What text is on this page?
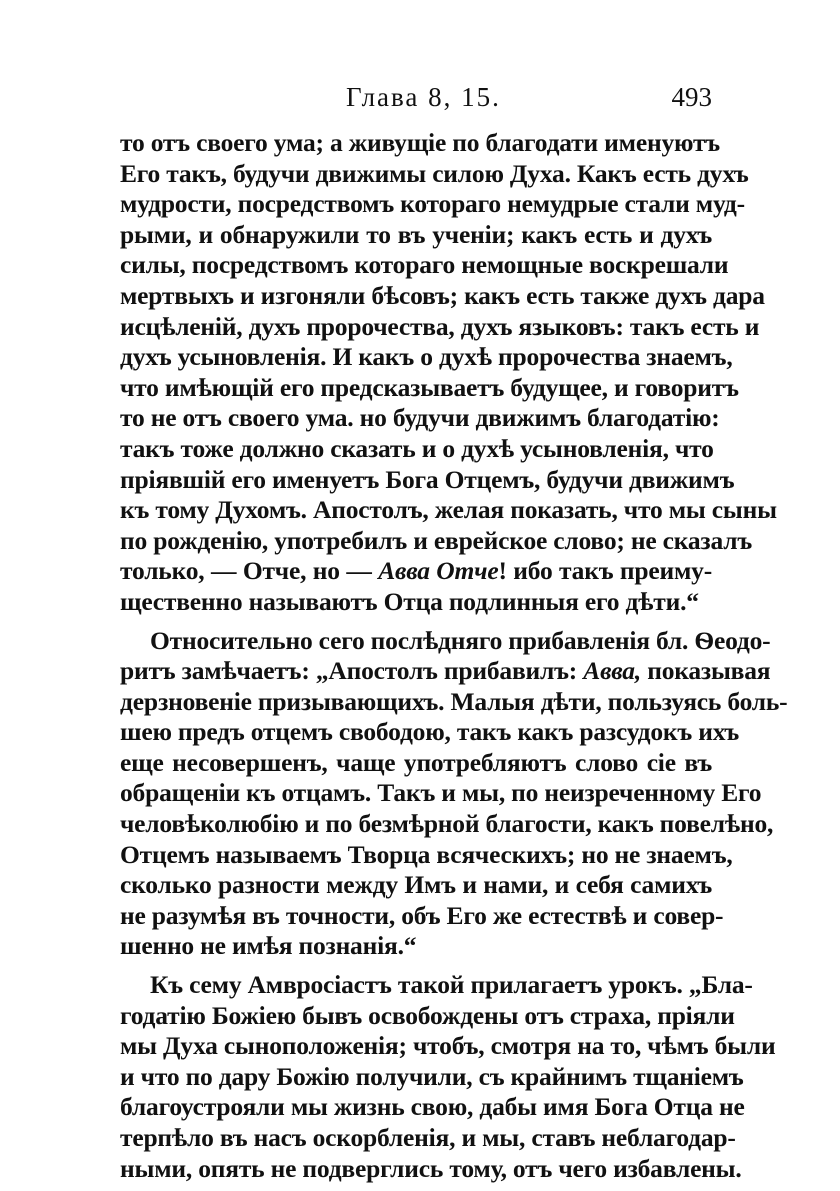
Глава 8, 15.	493
то отъ своего ума; а живущіе по благодати именуютъ
Его такъ, будучи движимы силою Духа. Какъ есть духъ
мудрости, посредствомъ котораго немудрые стали муд-
рыми, и обнаружили то въ ученіи; какъ есть и духъ
силы, посредствомъ котораго немощные воскрешали
мертвыхъ и изгоняли бѣсовъ; какъ есть также духъ дара
исцѣленій, духъ пророчества, духъ языковъ: такъ есть и
духъ усыновленія. И какъ о духѣ пророчества знаемъ,
что имѣющій его предсказываетъ будущее, и говоритъ
то не отъ своего ума. но будучи движимъ благодатію:
такъ тоже должно сказать и о духѣ усыновленія, что
пріявшій его именуетъ Бога Отцемъ, будучи движимъ
къ тому Духомъ. Апостолъ, желая показать, что мы сыны
по рожденію, употребилъ и еврейское слово; не сказалъ
только, — Отче, но — Авва Отче! ибо такъ преиму-
щественно называютъ Отца подлинныя его дѣти.“
Относительно сего послѣдняго прибавленія бл. Ѳеодо-
ритъ замѣчаетъ: „Апостолъ прибавилъ: Авва, показывая
дерзновеніе призывающихъ. Малыя дѣти, пользуясь боль-
шею предъ отцемъ свободою, такъ какъ разсудокъ ихъ
еще несовершенъ, чаще употребляютъ слово сіе въ
обращеніи къ отцамъ. Такъ и мы, по неизреченному Его
человѣколюбію и по безмѣрной благости, какъ повелѣно,
Отцемъ называемъ Творца всяческихъ; но не знаемъ,
сколько разности между Имъ и нами, и себя самихъ
не разумѣя въ точности, объ Его же естествѣ и совер-
шенно не имѣя познанія.“
Къ сему Амвросіастъ такой прилагаетъ урокъ. „Бла-
годатію Божіею бывъ освобождены отъ страха, пріяли
мы Духа сыноположенія; чтобъ, смотря на то, чѣмъ были
и что по дару Божію получили, съ крайнимъ тщаніемъ
благоустрояли мы жизнь свою, дабы имя Бога Отца не
терпѣло въ насъ оскорбленія, и мы, ставъ неблагодар-
ными, опять не подверглись тому, отъ чего избавлены.
